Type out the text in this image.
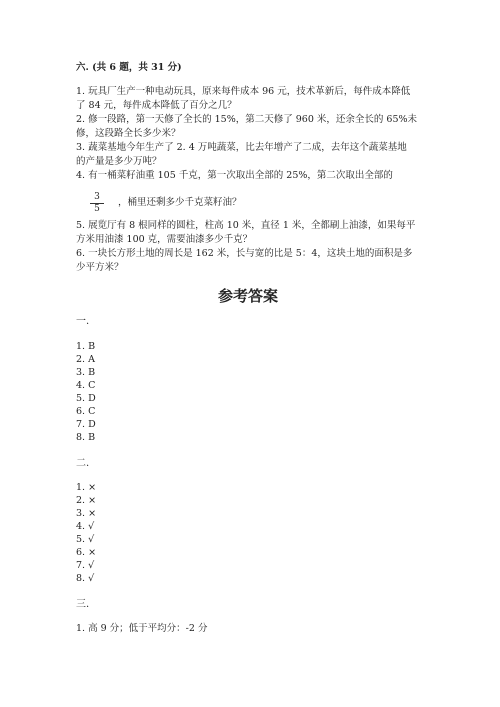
六. (共 6 题，共 31 分)
1. 玩具厂生产一种电动玩具，原来每件成本 96 元，技术革新后，每件成本降低
了 84 元，每件成本降低了百分之几？
2. 修一段路，第一天修了全长的 15%，第二天修了 960 米，还余全长的 65%未
修，这段路全长多少米？
3. 蔬菜基地今年生产了 2. 4 万吨蔬菜，比去年增产了二成，去年这个蔬菜基地
的产量是多少万吨？
4. 有一桶菜籽油重 105 千克，第一次取出全部的 25%，第二次取出全部的
$\frac{3}{5}$ ，桶里还剩多少千克菜籽油？
5. 展览厅有 8 根同样的圆柱，柱高 10 米，直径 1 米，全都刷上油漆，如果每平
方米用油漆 100 克，需要油漆多少千克？
6. 一块长方形土地的周长是 162 米，长与宽的比是 5：4，这块土地的面积是多
少平方米？
参考答案
一.
1. B
2. A
3. B
4. C
5. D
6. C
7. D
8. B
二.
1. ×
2. ×
3. ×
4. √
5. √
6. ×
7. √
8. √
三.
1. 高 9 分；低于平均分：-2 分
